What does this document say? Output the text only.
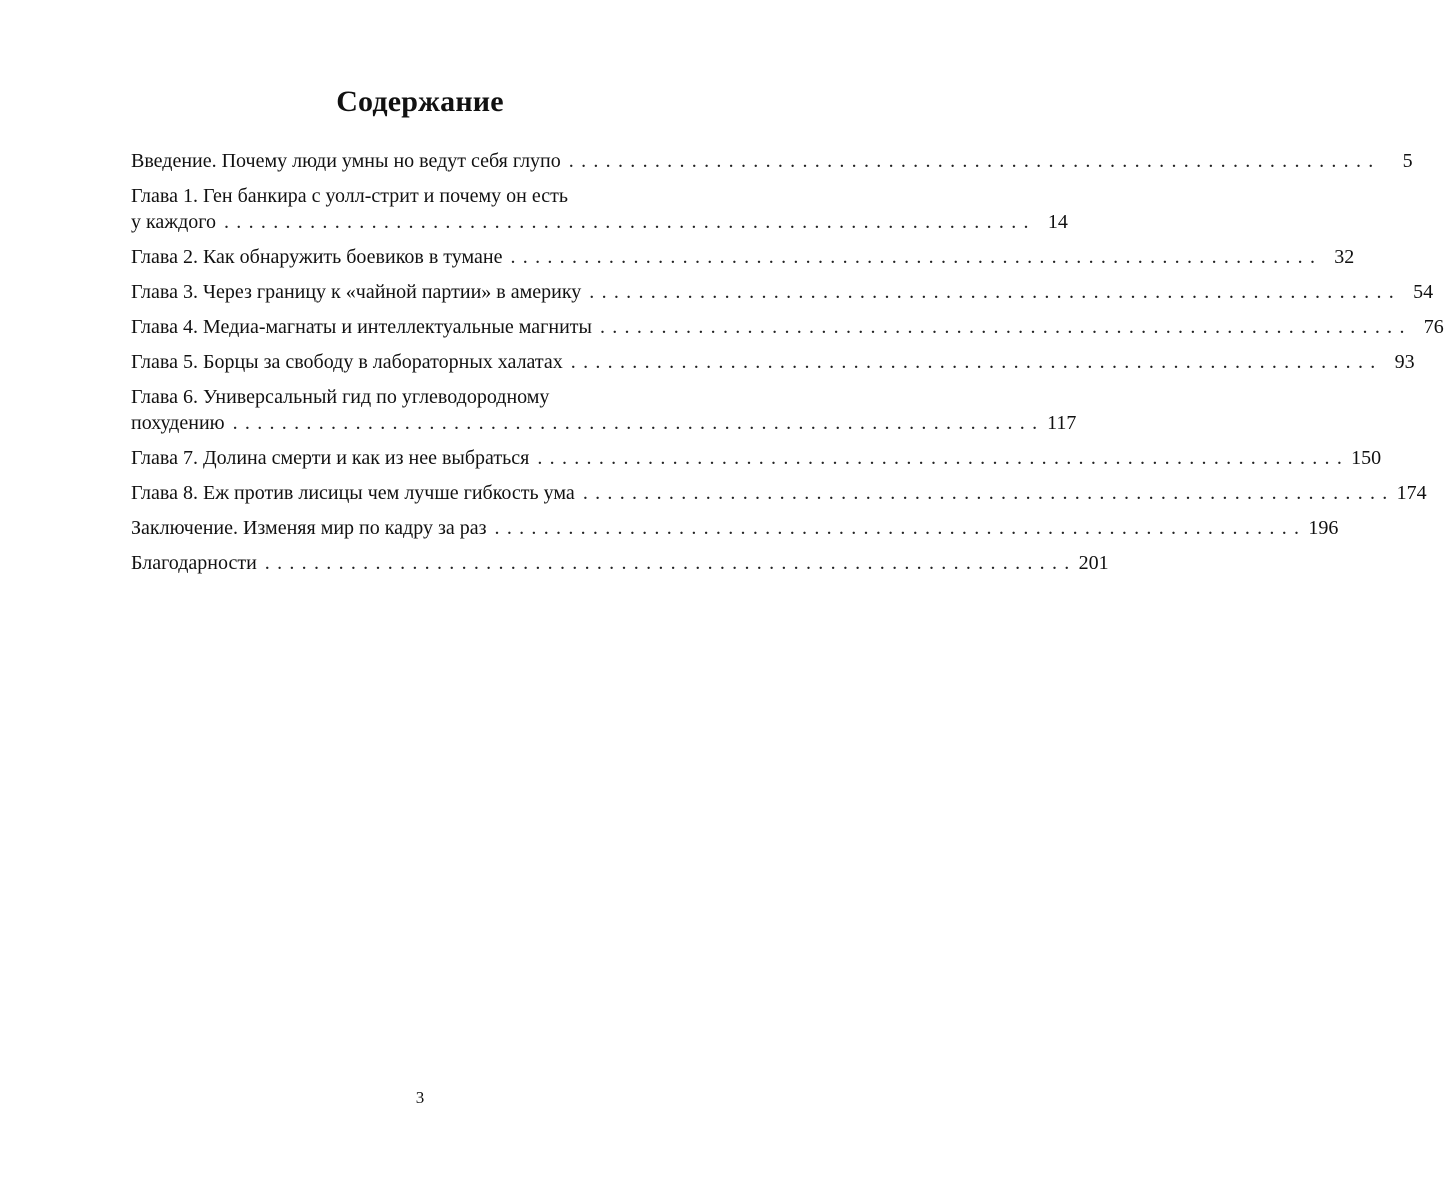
Содержание
Введение. Почему люди умны но ведут себя глупо ..................................................................	5
Глава 1. Ген банкира с уолл-стрит и почему он есть
у каждого .................................................................. 14
Глава 2. Как обнаружить боевиков в тумане .................................................................. 32
Глава 3. Через границу к «чайной партии» в америку .................................................................. 54
Глава 4. Медиа-магнаты и интеллектуальные магниты .................................................................. 76
Глава 5. Борцы за свободу в лабораторных халатах .................................................................. 93
Глава 6. Универсальный гид по углеводородному
похудению .................................................................. 117
Глава 7. Долина смерти и как из нее выбраться .................................................................. 150
Глава 8. Еж против лисицы чем лучше гибкость ума .................................................................. 174
Заключение. Изменяя мир по кадру за раз .................................................................. 196
Благодарности .................................................................. 201
3
